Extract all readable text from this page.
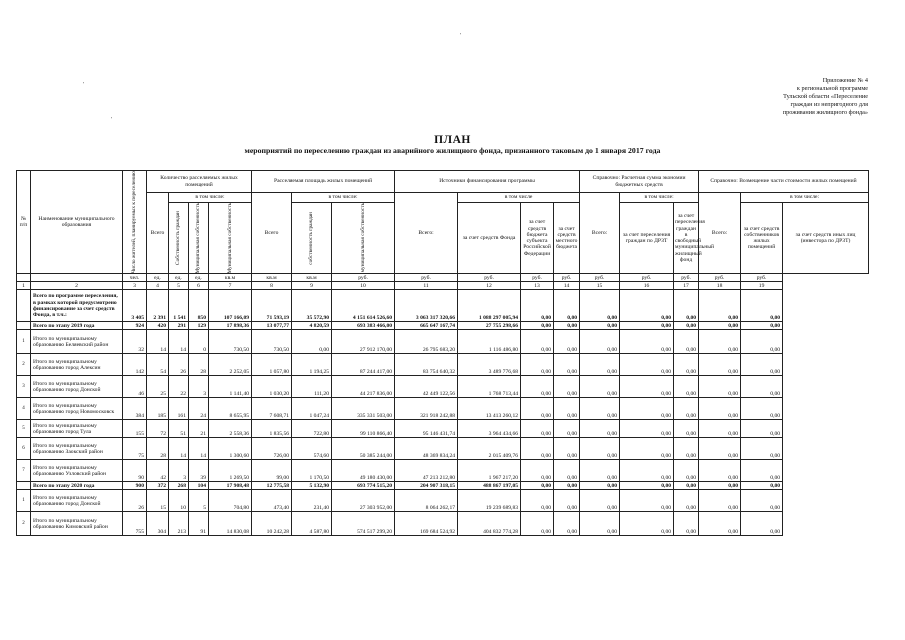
'
'
'
Приложение № 4
к региональной программе
Тульской области «Переселение
граждан из непригодного для
проживания жилищного фонда»
ПЛАН
мероприятий по переселению граждан из аварийного жилищного фонда, признанного таковым до 1 января 2017 года
№ п/п	Наименование муниципального образования	Число жителей, планируемых к переселению	Количество расселяемых жилых помещений				Расселяемая площадь жилых помещений			Источники финансирования программы				Справочно: Расчетная сумма экономии бюджетных средств			Справочно: Возмещение части стоимости жилых помещений		
			Всего	в том числе:			Всего	в том числе:		Всего:	в том числе			Всего:	в том числе:		Всего:	в том числе:	

				Собственность граждан	Муниципальная собственность	Муниципальная собственность		собственность граждан	муниципальная собственность		за счет средств Фонда	за счет средств бюджета субъекта Российской Федерации	за счет средств местного бюджета		за счет переселения граждан по ДРЗТ	за счет переселения граждан в свободный муниципальный жилищный фонд		за счет средств собственников жилых помещений	за счет средств иных лиц (инвестора по ДРЗТ)
		чел.	ед.	ед.	ед.	кв.м	кв.м	кв.м	руб.	руб.	руб.	руб.	руб.	руб.	руб.	руб.	руб.	руб.	
1	2	3	4	5	6	7	8	9	10	11	12	13	14	15	16	17	18	19	
	Всего по программе переселения, в рамках которой предусмотрено финансирование за счет средств Фонда, в т.ч.:	3 405	2 391	1 541	850	107 166,09	71 593,19	35 572,90	4 151 614 526,60	3 063 317 320,66	1 088 297 005,94	0,00	0,00	0,00	0,00	0,00	0,00	0,00	
	Всего по этапу 2019 года	924	420	291	129	17 898,36	13 077,77	4 820,59	693 383 466,00	665 647 167,74	27 755 298,66	0,00	0,00	0,00	0,00	0,00	0,00	0,00	
1	Итого по муниципальному образованию Беляевский район	32	14	14	0	730,50	730,50	0,00	27 912 170,00	26 795 683,20	1 116 486,80	0,00	0,00	0,00	0,00	0,00	0,00	0,00	
2	Итого по муниципальному образованию город Алексин	142	54	26	28	2 252,05	1 057,80	1 194,25	87 244 417,00	83 754 640,32	3 489 776,68	0,00	0,00	0,00	0,00	0,00	0,00	0,00	
3	Итого по муниципальному образованию город Донской	46	25	22	3	1 141,40	1 030,20	111,20	44 217 836,00	42 449 122,56	1 768 713,44	0,00	0,00	0,00	0,00	0,00	0,00	0,00	
4	Итого по муниципальному образованию город Новомосковск	384	185	161	24	8 655,95	7 608,71	1 047,24	335 331 503,00	321 918 242,88	13 413 260,12	0,00	0,00	0,00	0,00	0,00	0,00	0,00	
5	Итого по муниципальному образованию город Тула	155	72	51	21	2 558,36	1 835,56	722,80	99 110 866,40	95 146 431,74	3 964 434,66	0,00	0,00	0,00	0,00	0,00	0,00	0,00	
6	Итого по муниципальному образованию Заокский район	75	28	14	14	1 300,60	726,00	574,60	50 385 244,00	48 369 834,24	2 015 409,76	0,00	0,00	0,00	0,00	0,00	0,00	0,00	
7	Итого по муниципальному образованию Узловский район	90	42	3	39	1 269,50	99,00	1 170,50	49 180 430,00	47 213 212,80	1 967 217,20	0,00	0,00	0,00	0,00	0,00	0,00	0,00	
	Всего по этапу 2020 года	900	372	268	104	17 908,48	12 775,58	5 132,90	693 774 515,20	204 907 318,15	488 867 197,05	0,00	0,00	0,00	0,00	0,00	0,00	0,00	
1	Итого по муниципальному образованию город Донской	26	15	10	5	704,80	473,40	231,40	27 303 952,00	8 064 262,17	19 239 689,83	0,00	0,00	0,00	0,00	0,00	0,00	0,00	
2	Итого по муниципальному образованию Кимовский район	755	304	213	91	14 830,08	10 242,28	4 587,80	574 517 299,20	169 684 524,92	404 832 774,28	0,00	0,00	0,00	0,00	0,00	0,00	0,00	
